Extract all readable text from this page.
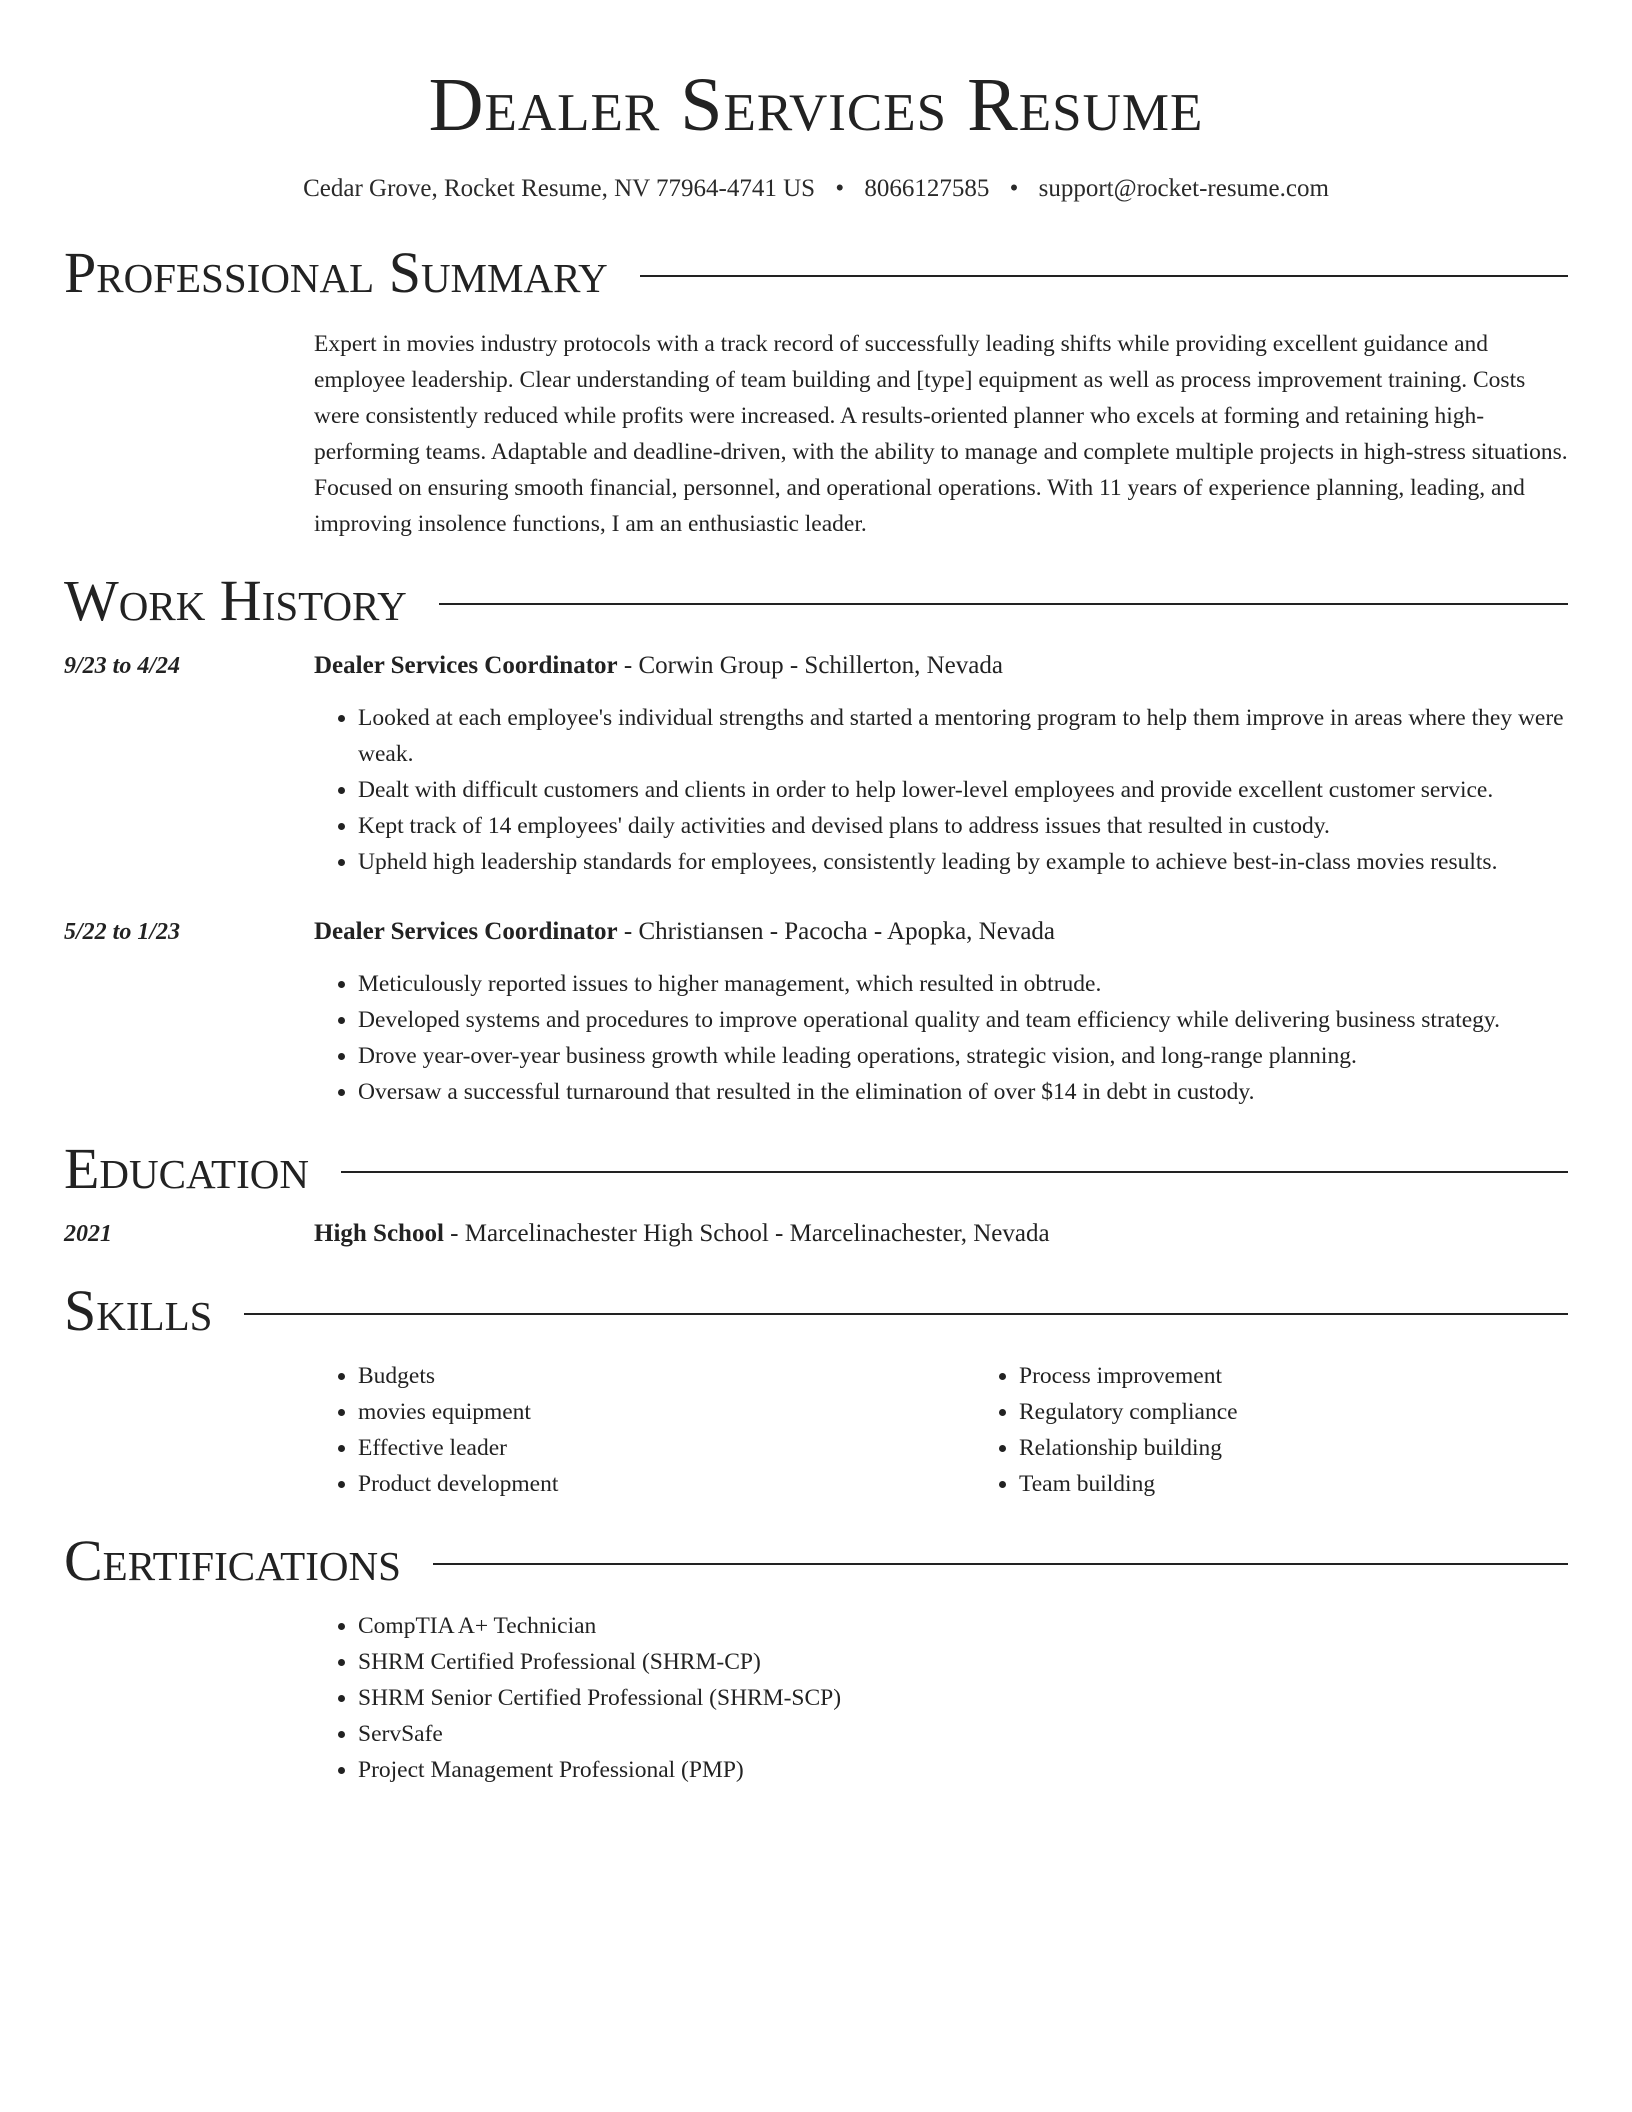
Dealer Services Resume
Cedar Grove, Rocket Resume, NV 77964-4741 US • 8066127585 • support@rocket-resume.com
Professional Summary
Expert in movies industry protocols with a track record of successfully leading shifts while providing excellent guidance and employee leadership. Clear understanding of team building and [type] equipment as well as process improvement training. Costs were consistently reduced while profits were increased. A results-oriented planner who excels at forming and retaining high-performing teams. Adaptable and deadline-driven, with the ability to manage and complete multiple projects in high-stress situations. Focused on ensuring smooth financial, personnel, and operational operations. With 11 years of experience planning, leading, and improving insolence functions, I am an enthusiastic leader.
Work History
9/23 to 4/24	Dealer Services Coordinator - Corwin Group - Schillerton, Nevada
• Looked at each employee's individual strengths and started a mentoring program to help them improve in areas where they were weak.
• Dealt with difficult customers and clients in order to help lower-level employees and provide excellent customer service.
• Kept track of 14 employees' daily activities and devised plans to address issues that resulted in custody.
• Upheld high leadership standards for employees, consistently leading by example to achieve best-in-class movies results.
5/22 to 1/23	Dealer Services Coordinator - Christiansen - Pacocha - Apopka, Nevada
• Meticulously reported issues to higher management, which resulted in obtrude.
• Developed systems and procedures to improve operational quality and team efficiency while delivering business strategy.
• Drove year-over-year business growth while leading operations, strategic vision, and long-range planning.
• Oversaw a successful turnaround that resulted in the elimination of over $14 in debt in custody.
Education
2021	High School - Marcelinachester High School - Marcelinachester, Nevada
Skills
• Budgets
• movies equipment
• Effective leader
• Product development
• Process improvement
• Regulatory compliance
• Relationship building
• Team building
Certifications
• CompTIA A+ Technician
• SHRM Certified Professional (SHRM-CP)
• SHRM Senior Certified Professional (SHRM-SCP)
• ServSafe
• Project Management Professional (PMP)
